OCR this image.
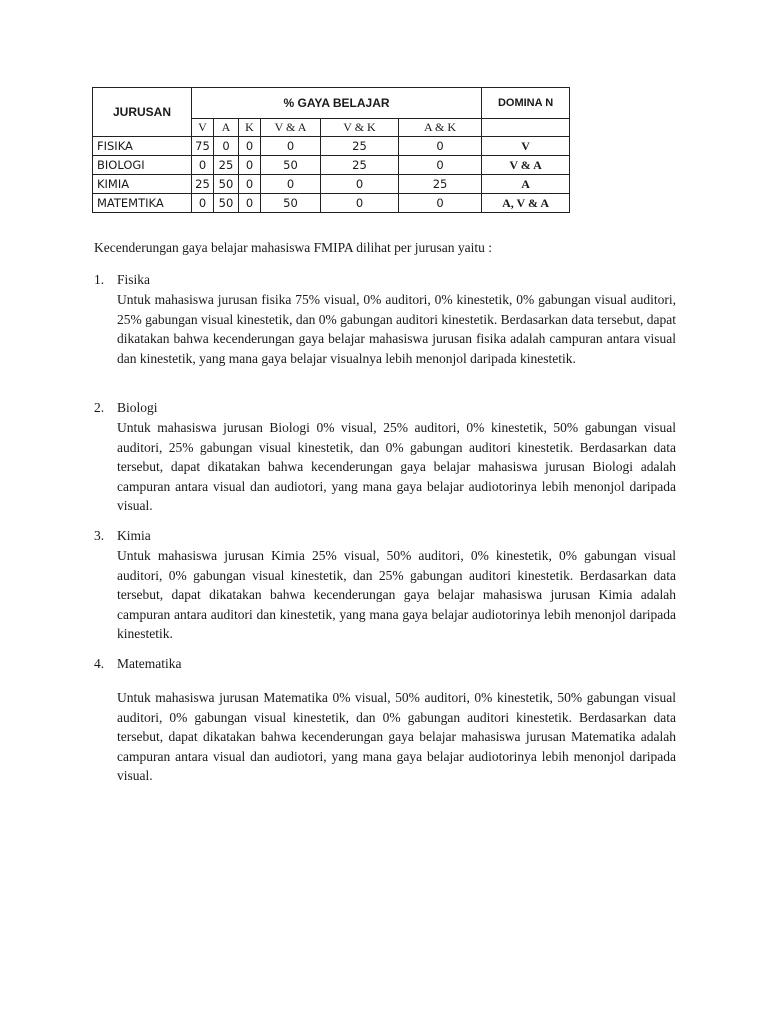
JURUSAN	% GAYA BELAJAR						DOMINA N
	V	A	K	V & A	V & K	A & K	
FISIKA	75	0	0	0	25	0	V
BIOLOGI	0	25	0	50	25	0	V & A
KIMIA	25	50	0	0	0	25	A
MATEMTIKA	0	50	0	50	0	0	A, V & A
Kecenderungan gaya belajar mahasiswa FMIPA dilihat per jurusan yaitu :
1. Fisika
Untuk mahasiswa jurusan fisika 75% visual, 0% auditori, 0% kinestetik, 0% gabungan visual auditori, 25% gabungan visual kinestetik, dan 0% gabungan auditori kinestetik. Berdasarkan data tersebut, dapat dikatakan bahwa kecenderungan gaya belajar mahasiswa jurusan fisika adalah campuran antara visual dan kinestetik, yang mana gaya belajar visualnya lebih menonjol daripada kinestetik.
2. Biologi
Untuk mahasiswa jurusan Biologi 0% visual, 25% auditori, 0% kinestetik, 50% gabungan visual auditori, 25% gabungan visual kinestetik, dan 0% gabungan auditori kinestetik. Berdasarkan data tersebut, dapat dikatakan bahwa kecenderungan gaya belajar mahasiswa jurusan Biologi adalah campuran antara visual dan audiotori, yang mana gaya belajar audiotorinya lebih menonjol daripada visual.
3. Kimia
Untuk mahasiswa jurusan Kimia 25% visual, 50% auditori, 0% kinestetik, 0% gabungan visual auditori, 0% gabungan visual kinestetik, dan 25% gabungan auditori kinestetik. Berdasarkan data tersebut, dapat dikatakan bahwa kecenderungan gaya belajar mahasiswa jurusan Kimia adalah campuran antara auditori dan kinestetik, yang mana gaya belajar audiotorinya lebih menonjol daripada kinestetik.
4. Matematika
Untuk mahasiswa jurusan Matematika 0% visual, 50% auditori, 0% kinestetik, 50% gabungan visual auditori, 0% gabungan visual kinestetik, dan 0% gabungan auditori kinestetik. Berdasarkan data tersebut, dapat dikatakan bahwa kecenderungan gaya belajar mahasiswa jurusan Matematika adalah campuran antara visual dan audiotori, yang mana gaya belajar audiotorinya lebih menonjol daripada visual.
